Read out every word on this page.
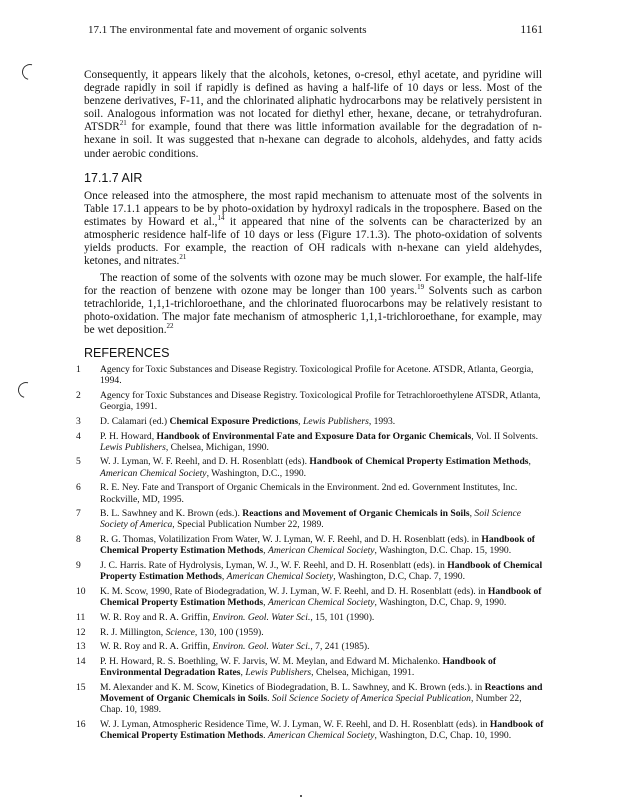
17.1 The environmental fate and movement of organic solvents	1161

Consequently, it appears likely that the alcohols, ketones, o-cresol, ethyl acetate, and pyridine will degrade rapidly in soil if rapidly is defined as having a half-life of 10 days or less. Most of the benzene derivatives, F-11, and the chlorinated aliphatic hydrocarbons may be relatively persistent in soil. Analogous information was not located for diethyl ether, hexane, decane, or tetrahydrofuran. ATSDR$^{21}$ for example, found that there was little information available for the degradation of n-hexane in soil. It was suggested that n-hexane can degrade to alcohols, aldehydes, and fatty acids under aerobic conditions.

17.1.7 AIR

Once released into the atmosphere, the most rapid mechanism to attenuate most of the solvents in Table 17.1.1 appears to be by photo-oxidation by hydroxyl radicals in the troposphere. Based on the estimates by Howard et al.,$^{14}$ it appeared that nine of the solvents can be characterized by an atmospheric residence half-life of 10 days or less (Figure 17.1.3). The photo-oxidation of solvents yields products. For example, the reaction of OH radicals with n-hexane can yield aldehydes, ketones, and nitrates.$^{21}$

The reaction of some of the solvents with ozone may be much slower. For example, the half-life for the reaction of benzene with ozone may be longer than 100 years.$^{19}$ Solvents such as carbon tetrachloride, 1,1,1-trichloroethane, and the chlorinated fluorocarbons may be relatively resistant to photo-oxidation. The major fate mechanism of atmospheric 1,1,1-trichloroethane, for example, may be wet deposition.$^{22}$

REFERENCES
1	Agency for Toxic Substances and Disease Registry. Toxicological Profile for Acetone. ATSDR, Atlanta, Georgia, 1994.
2	Agency for Toxic Substances and Disease Registry. Toxicological Profile for Tetrachloroethylene ATSDR, Atlanta, Georgia, 1991.
3	D. Calamari (ed.) Chemical Exposure Predictions, Lewis Publishers, 1993.
4	P. H. Howard, Handbook of Environmental Fate and Exposure Data for Organic Chemicals, Vol. II Solvents. Lewis Publishers, Chelsea, Michigan, 1990.
5	W. J. Lyman, W. F. Reehl, and D. H. Rosenblatt (eds). Handbook of Chemical Property Estimation Methods, American Chemical Society, Washington, D.C., 1990.
6	R. E. Ney. Fate and Transport of Organic Chemicals in the Environment. 2nd ed. Government Institutes, Inc. Rockville, MD, 1995.
7	B. L. Sawhney and K. Brown (eds.). Reactions and Movement of Organic Chemicals in Soils, Soil Science Society of America, Special Publication Number 22, 1989.
8	R. G. Thomas, Volatilization From Water, W. J. Lyman, W. F. Reehl, and D. H. Rosenblatt (eds). in Handbook of Chemical Property Estimation Methods, American Chemical Society, Washington, D.C. Chap. 15, 1990.
9	J. C. Harris. Rate of Hydrolysis, Lyman, W. J., W. F. Reehl, and D. H. Rosenblatt (eds). in Handbook of Chemical Property Estimation Methods, American Chemical Society, Washington, D.C, Chap. 7, 1990.
10	K. M. Scow, 1990, Rate of Biodegradation, W. J. Lyman, W. F. Reehl, and D. H. Rosenblatt (eds). in Handbook of Chemical Property Estimation Methods, American Chemical Society, Washington, D.C, Chap. 9, 1990.
11	W. R. Roy and R. A. Griffin, Environ. Geol. Water Sci., 15, 101 (1990).
12	R. J. Millington, Science, 130, 100 (1959).
13	W. R. Roy and R. A. Griffin, Environ. Geol. Water Sci., 7, 241 (1985).
14	P. H. Howard, R. S. Boethling, W. F. Jarvis, W. M. Meylan, and Edward M. Michalenko. Handbook of Environmental Degradation Rates, Lewis Publishers, Chelsea, Michigan, 1991.
15	M. Alexander and K. M. Scow, Kinetics of Biodegradation, B. L. Sawhney, and K. Brown (eds.). in Reactions and Movement of Organic Chemicals in Soils. Soil Science Society of America Special Publication, Number 22, Chap. 10, 1989.
16	W. J. Lyman, Atmospheric Residence Time, W. J. Lyman, W. F. Reehl, and D. H. Rosenblatt (eds). in Handbook of Chemical Property Estimation Methods. American Chemical Society, Washington, D.C, Chap. 10, 1990.
